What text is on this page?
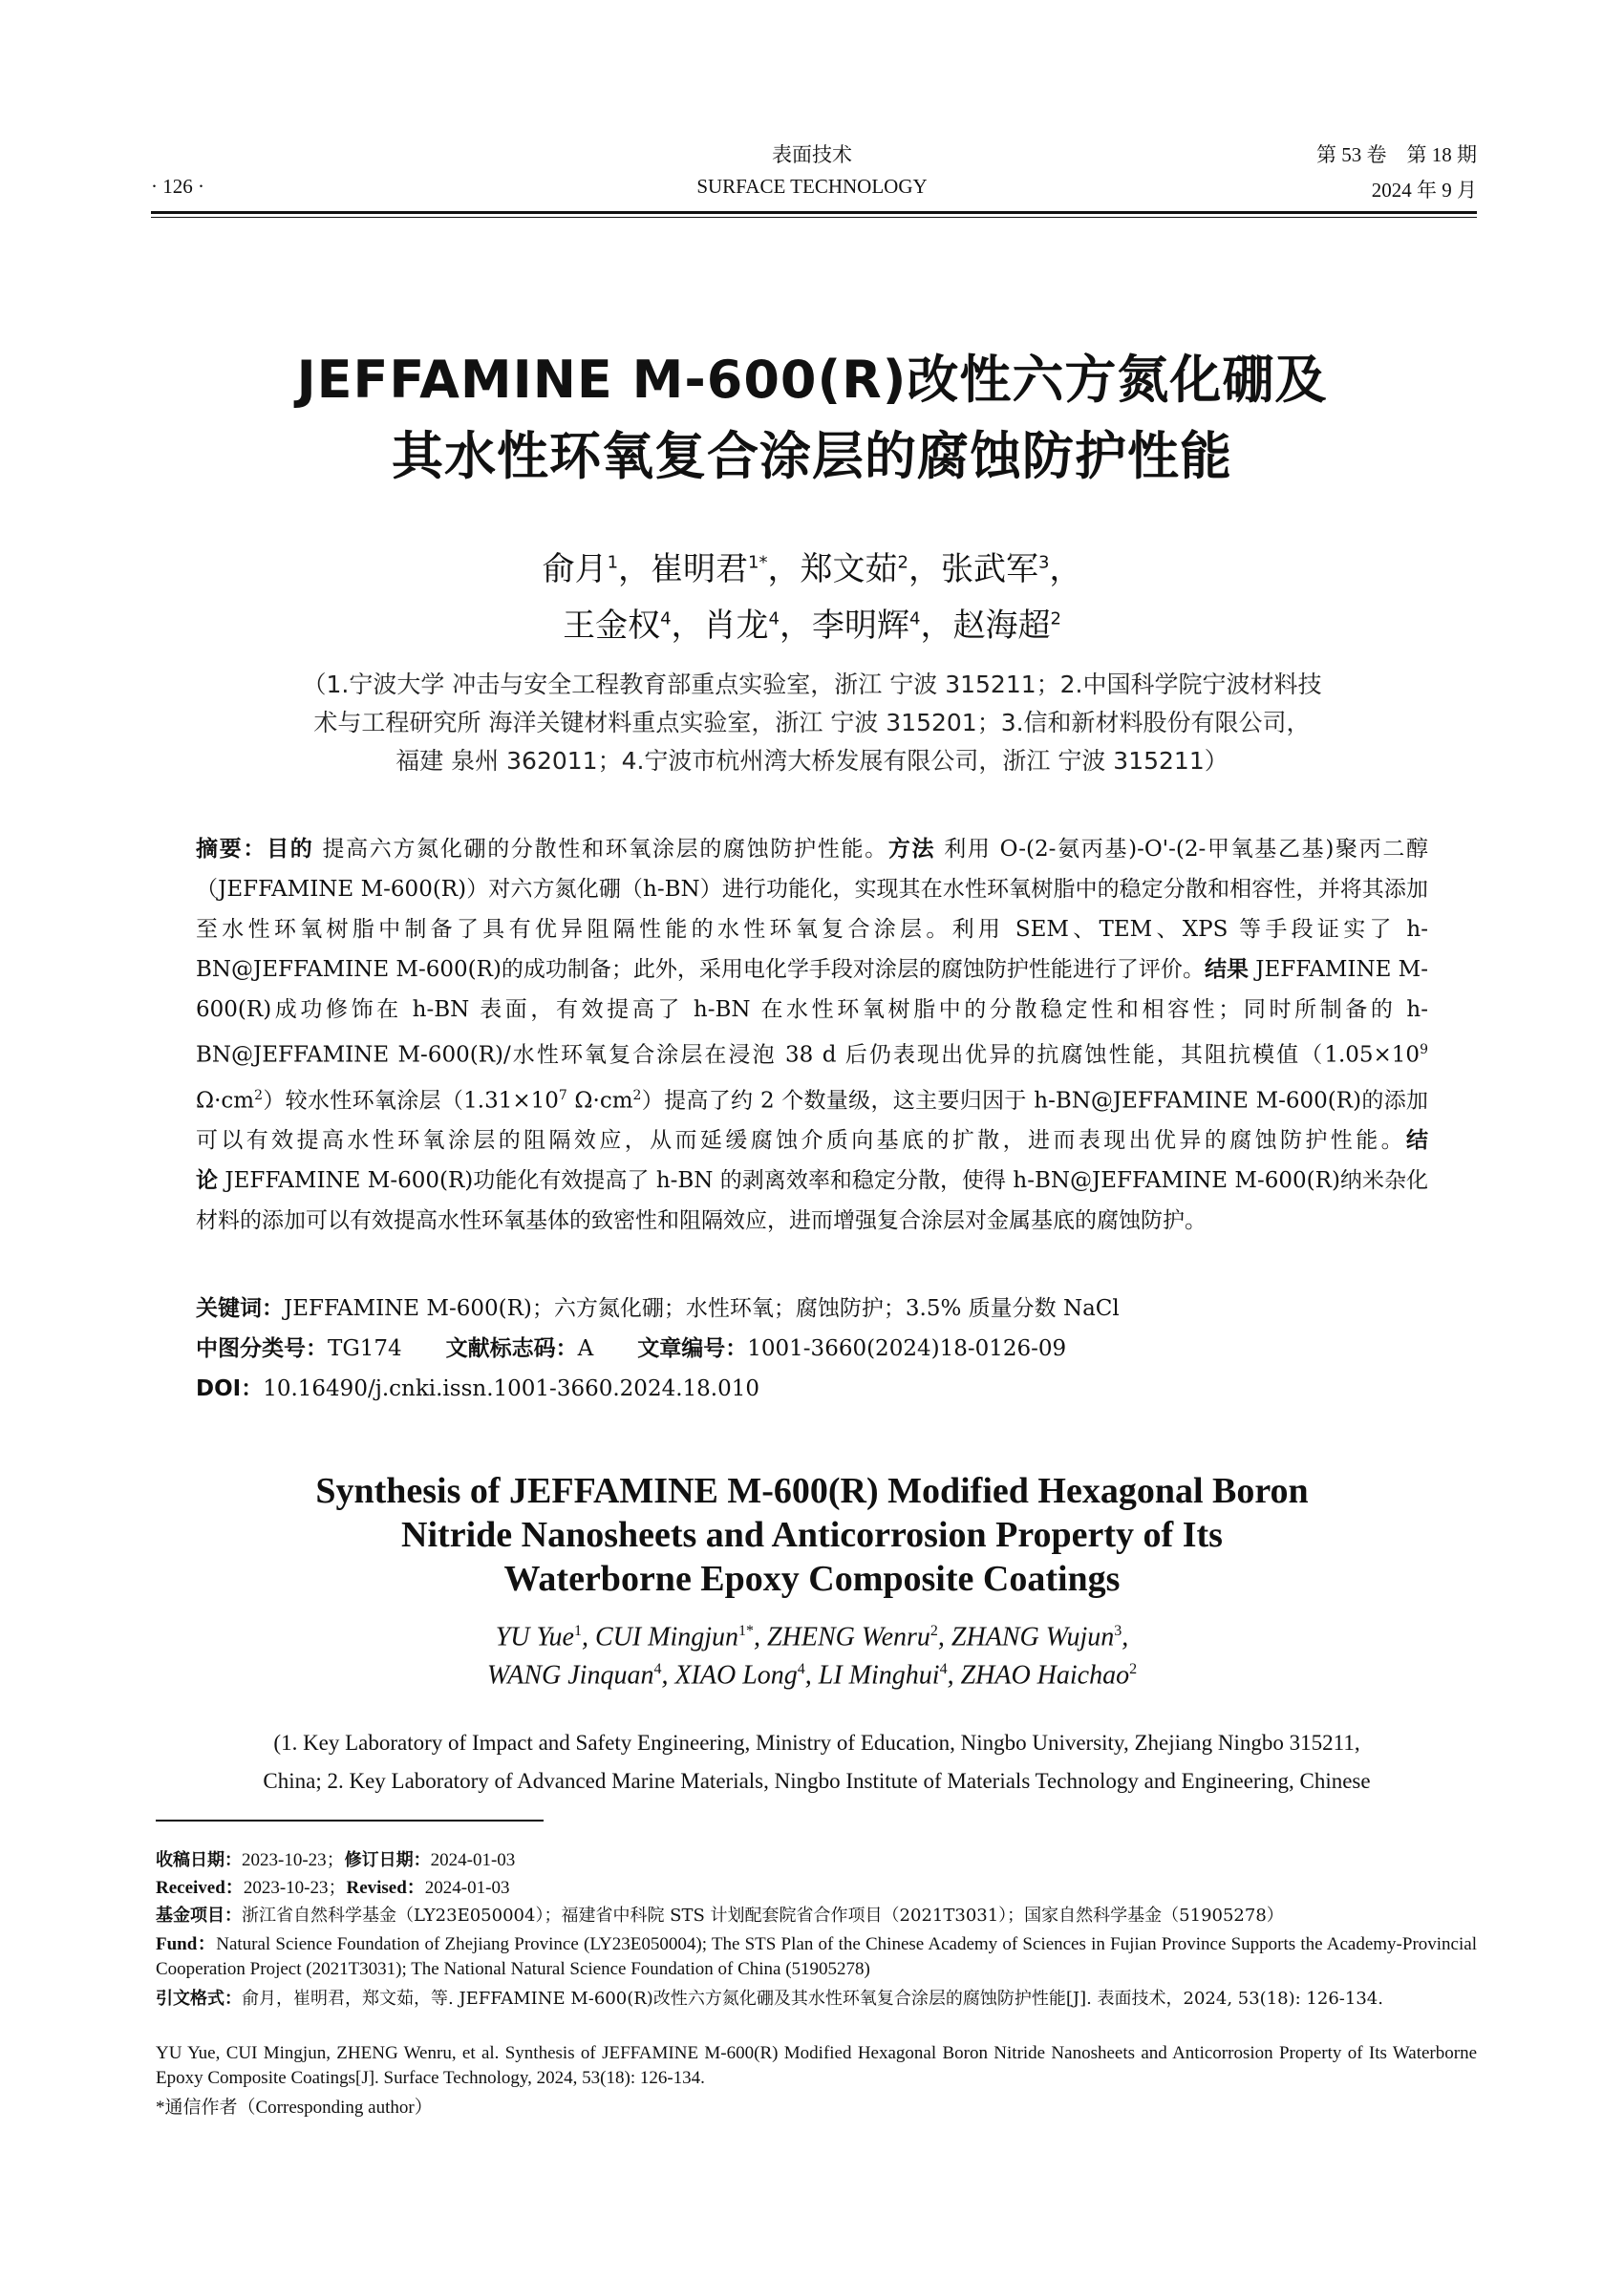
· 126 ·
表面技术
SURFACE TECHNOLOGY
第 53 卷　第 18 期
2024 年 9 月
JEFFAMINE M-600(R)改性六方氮化硼及
其水性环氧复合涂层的腐蚀防护性能
俞月$^1$，崔明君$^{1*}$，郑文茹$^2$，张武军$^3$，
王金权$^4$，肖龙$^4$，李明辉$^4$，赵海超$^2$
（1.宁波大学 冲击与安全工程教育部重点实验室，浙江 宁波 315211；2.中国科学院宁波材料技
术与工程研究所 海洋关键材料重点实验室，浙江 宁波 315201；3.信和新材料股份有限公司，
福建 泉州 362011；4.宁波市杭州湾大桥发展有限公司，浙江 宁波 315211）
摘要：目的 提高六方氮化硼的分散性和环氧涂层的腐蚀防护性能。方法 利用 O-(2-氨丙基)-O'-(2-甲氧基乙基)聚丙二醇（JEFFAMINE M-600(R)）对六方氮化硼（h-BN）进行功能化，实现其在水性环氧树脂中的稳定分散和相容性，并将其添加至水性环氧树脂中制备了具有优异阻隔性能的水性环氧复合涂层。利用 SEM、TEM、XPS 等手段证实了 h-BN@JEFFAMINE M-600(R)的成功制备；此外，采用电化学手段对涂层的腐蚀防护性能进行了评价。结果 JEFFAMINE M-600(R)成功修饰在 h-BN 表面，有效提高了 h-BN 在水性环氧树脂中的分散稳定性和相容性；同时所制备的 h-BN@JEFFAMINE M-600(R)/水性环氧复合涂层在浸泡 38 d 后仍表现出优异的抗腐蚀性能，其阻抗模值（$1.05\times 10^9$ $\Omega\cdot cm^2$）较水性环氧涂层（$1.31\times 10^7$ $\Omega\cdot cm^2$）提高了约 2 个数量级，这主要归因于 h-BN@JEFFAMINE M-600(R)的添加可以有效提高水性环氧涂层的阻隔效应，从而延缓腐蚀介质向基底的扩散，进而表现出优异的腐蚀防护性能。结论 JEFFAMINE M-600(R)功能化有效提高了 h-BN 的剥离效率和稳定分散，使得 h-BN@JEFFAMINE M-600(R)纳米杂化材料的添加可以有效提高水性环氧基体的致密性和阻隔效应，进而增强复合涂层对金属基底的腐蚀防护。
关键词：JEFFAMINE M-600(R)；六方氮化硼；水性环氧；腐蚀防护；3.5% 质量分数 NaCl
中图分类号：TG174 文献标志码：A 文章编号：1001-3660(2024)18-0126-09
DOI：10.16490/j.cnki.issn.1001-3660.2024.18.010
Synthesis of JEFFAMINE M-600(R) Modified Hexagonal Boron
Nitride Nanosheets and Anticorrosion Property of Its
Waterborne Epoxy Composite Coatings
YU Yue$^1$, CUI Mingjun$^{1*}$, ZHENG Wenru$^2$, ZHANG Wujun$^3$,
WANG Jinquan$^4$, XIAO Long$^4$, LI Minghui$^4$, ZHAO Haichao$^2$
(1. Key Laboratory of Impact and Safety Engineering, Ministry of Education, Ningbo University, Zhejiang Ningbo 315211,
China; 2. Key Laboratory of Advanced Marine Materials, Ningbo Institute of Materials Technology and Engineering, Chinese
收稿日期：2023-10-23；修订日期：2024-01-03
Received：2023-10-23；Revised：2024-01-03
基金项目：浙江省自然科学基金（LY23E050004）；福建省中科院 STS 计划配套院省合作项目（2021T3031）；国家自然科学基金（51905278）
Fund：Natural Science Foundation of Zhejiang Province (LY23E050004); The STS Plan of the Chinese Academy of Sciences in Fujian Province Supports the Academy-Provincial Cooperation Project (2021T3031); The National Natural Science Foundation of China (51905278)
引文格式：俞月，崔明君，郑文茹，等. JEFFAMINE M-600(R)改性六方氮化硼及其水性环氧复合涂层的腐蚀防护性能[J]. 表面技术，2024, 53(18): 126-134.
YU Yue, CUI Mingjun, ZHENG Wenru, et al. Synthesis of JEFFAMINE M-600(R) Modified Hexagonal Boron Nitride Nanosheets and Anticorrosion Property of Its Waterborne Epoxy Composite Coatings[J]. Surface Technology, 2024, 53(18): 126-134.
*通信作者（Corresponding author）
